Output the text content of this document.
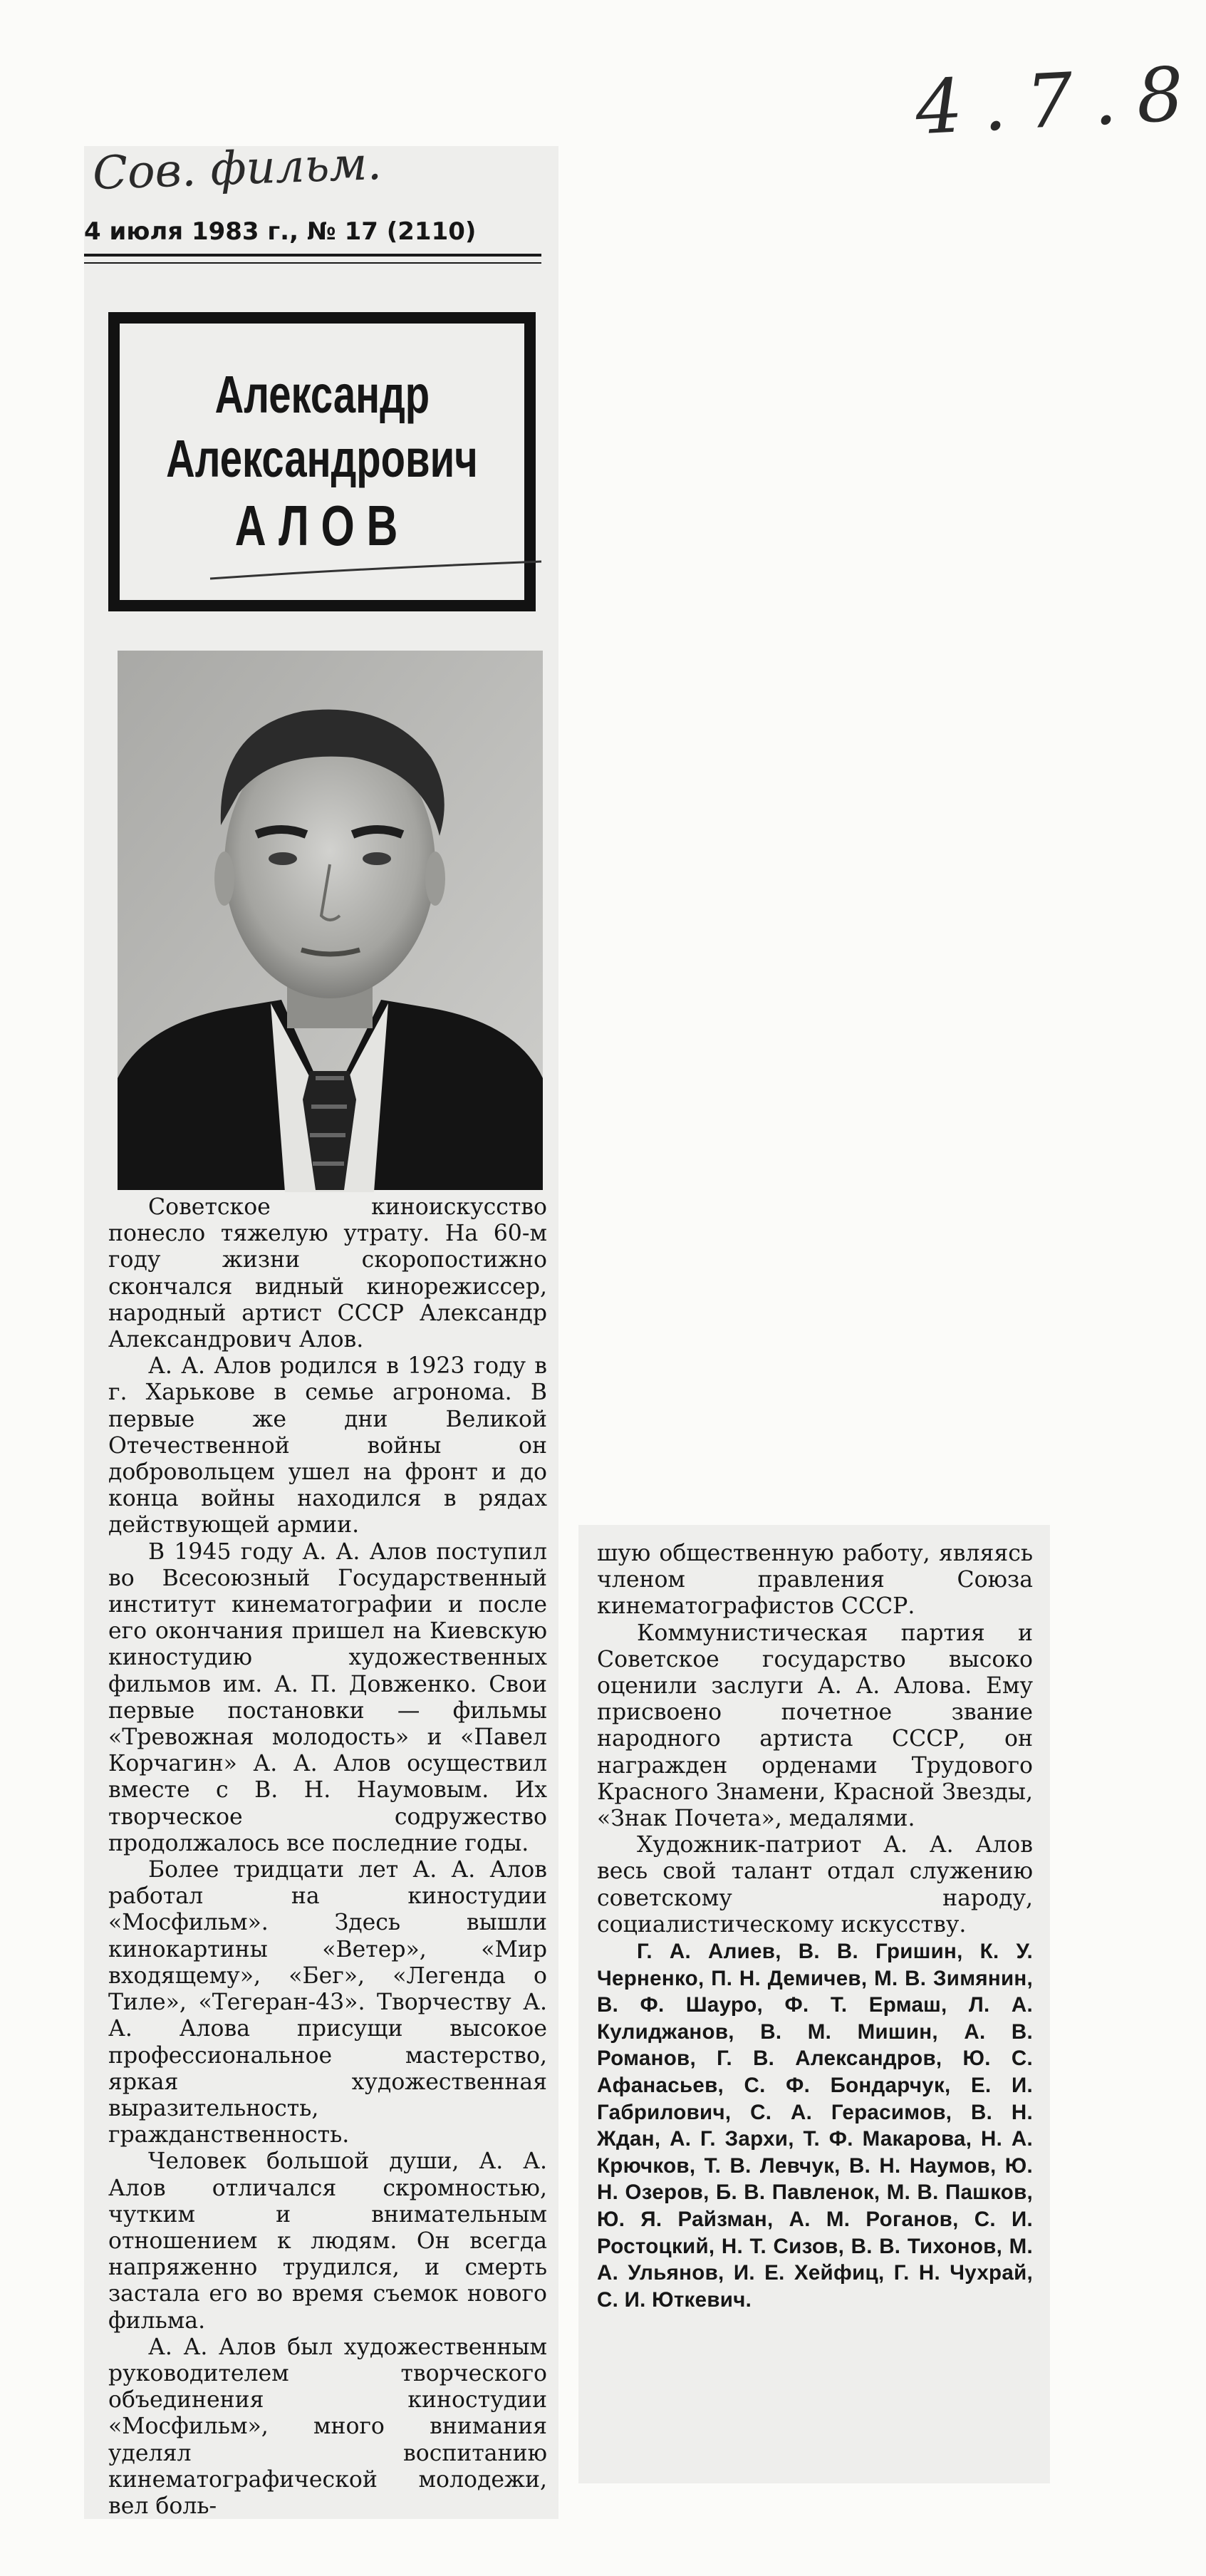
4.7.8
Сов. фильм.
4 июля 1983 г., № 17 (2110)
Александр
Александрович
АЛОВ

Советское киноискусство понесло тяжелую утрату. На 60-м году жизни скоропостижно скончался видный кинорежиссер, народный артист СССР Александр Александрович Алов.

А. А. Алов родился в 1923 году в г. Харькове в семье агронома. В первые же дни Великой Отечественной войны он добровольцем ушел на фронт и до конца войны находился в рядах действующей армии.

В 1945 году А. А. Алов поступил во Всесоюзный Государственный институт кинематографии и после его окончания пришел на Киевскую киностудию художественных фильмов им. А. П. Довженко. Свои первые постановки — фильмы «Тревожная молодость» и «Павел Корчагин» А. А. Алов осуществил вместе с В. Н. Наумовым. Их творческое содружество продолжалось все последние годы.

Более тридцати лет А. А. Алов работал на киностудии «Мосфильм». Здесь вышли кинокартины «Ветер», «Мир входящему», «Бег», «Легенда о Тиле», «Тегеран-43». Творчеству А. А. Алова присущи высокое профессиональное мастерство, яркая художественная выразительность, гражданственность.

Человек большой души, А. А. Алов отличался скромностью, чутким и внимательным отношением к людям. Он всегда напряженно трудился, и смерть застала его во время съемок нового фильма.

А. А. Алов был художественным руководителем творческого объединения киностудии «Мосфильм», много внимания уделял воспитанию кинематографической молодежи, вел боль-

шую общественную работу, являясь членом правления Союза кинематографистов СССР.

Коммунистическая партия и Советское государство высоко оценили заслуги А. А. Алова. Ему присвоено почетное звание народного артиста СССР, он награжден орденами Трудового Красного Знамени, Красной Звезды, «Знак Почета», медалями.

Художник-патриот А. А. Алов весь свой талант отдал служению советскому народу, социалистическому искусству.

Г. А. Алиев, В. В. Гришин, К. У. Черненко, П. Н. Демичев, М. В. Зимянин, В. Ф. Шауро, Ф. Т. Ермаш, Л. А. Кулиджанов, В. М. Мишин, А. В. Романов, Г. В. Александров, Ю. С. Афанасьев, С. Ф. Бондарчук, Е. И. Габрилович, С. А. Герасимов, В. Н. Ждан, А. Г. Зархи, Т. Ф. Макарова, Н. А. Крючков, Т. В. Левчук, В. Н. Наумов, Ю. Н. Озеров, Б. В. Павленок, М. В. Пашков, Ю. Я. Райзман, А. М. Роганов, С. И. Ростоцкий, Н. Т. Сизов, В. В. Тихонов, М. А. Ульянов, И. Е. Хейфиц, Г. Н. Чухрай, С. И. Юткевич.
